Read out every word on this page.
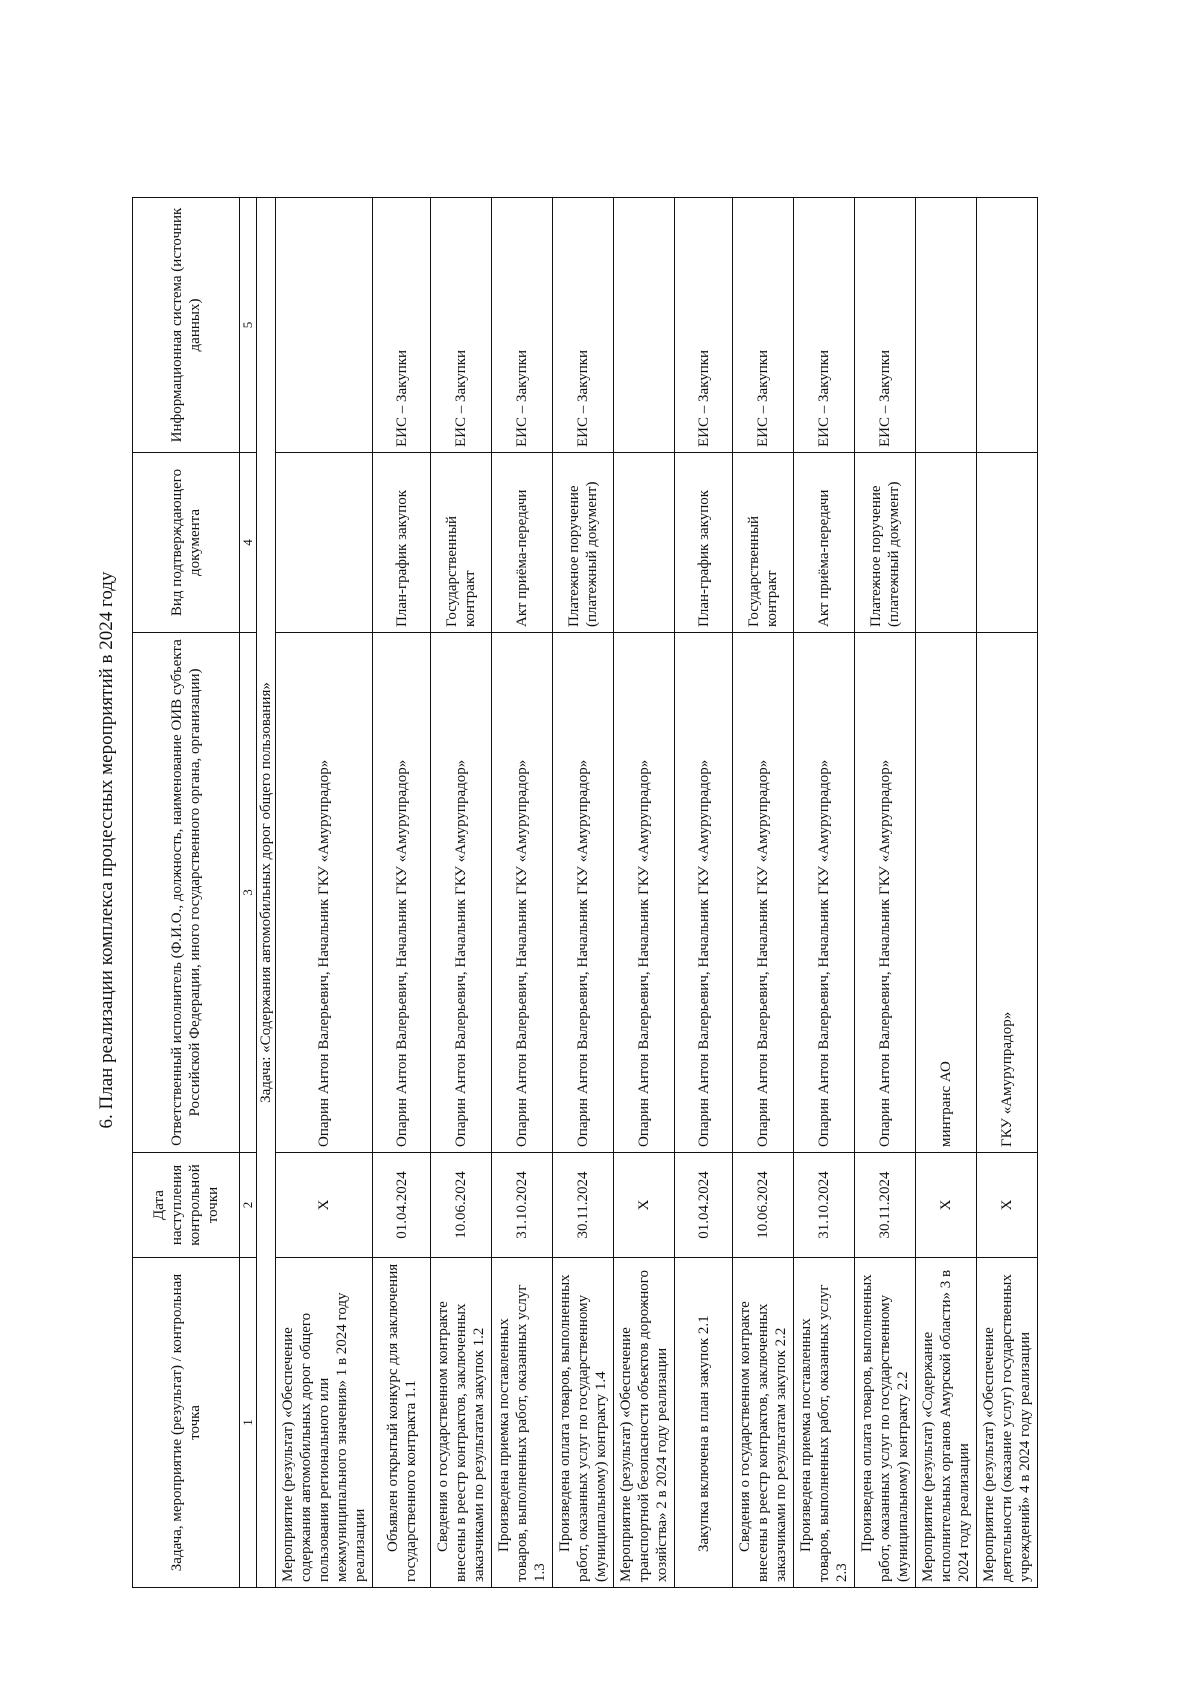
6. План реализации комплекса процессных мероприятий в 2024 году
Задача, мероприятие (результат) / контрольная точка	Дата наступления контрольной точки	Ответственный исполнитель (Ф.И.О., должность, наименование ОИВ субъекта Российской Федерации, иного государственного органа, организации)	Вид подтверждающего документа	Информационная система (источник данных)
1	2	3	4	5
Задача: «Содержания автомобильных дорог общего пользования»				
Мероприятие (результат) «Обеспечение содержания автомобильных дорог общего пользования регионального или межмуниципального значения» 1 в 2024 году реализации	X	Опарин Антон Валерьевич, Начальник ГКУ «Амурупрадор»		
Объявлен открытый конкурс для заключения государственного контракта 1.1	01.04.2024	Опарин Антон Валерьевич, Начальник ГКУ «Амурупрадор»	План-график закупок	ЕИС – Закупки
Сведения о государственном контракте внесены в реестр контрактов, заключенных заказчиками по результатам закупок 1.2	10.06.2024	Опарин Антон Валерьевич, Начальник ГКУ «Амурупрадор»	Государственный контракт	ЕИС – Закупки
Произведена приемка поставленных товаров, выполненных работ, оказанных услуг 1.3	31.10.2024	Опарин Антон Валерьевич, Начальник ГКУ «Амурупрадор»	Акт приёма-передачи	ЕИС – Закупки
Произведена оплата товаров, выполненных работ, оказанных услуг по государственному (муниципальному) контракту 1.4	30.11.2024	Опарин Антон Валерьевич, Начальник ГКУ «Амурупрадор»	Платежное поручение (платежный документ)	ЕИС – Закупки
Мероприятие (результат) «Обеспечение транспортной безопасности объектов дорожного хозяйства» 2 в 2024 году реализации	X	Опарин Антон Валерьевич, Начальник ГКУ «Амурупрадор»		
Закупка включена в план закупок 2.1	01.04.2024	Опарин Антон Валерьевич, Начальник ГКУ «Амурупрадор»	План-график закупок	ЕИС – Закупки
Сведения о государственном контракте внесены в реестр контрактов, заключенных заказчиками по результатам закупок 2.2	10.06.2024	Опарин Антон Валерьевич, Начальник ГКУ «Амурупрадор»	Государственный контракт	ЕИС – Закупки
Произведена приемка поставленных товаров, выполненных работ, оказанных услуг 2.3	31.10.2024	Опарин Антон Валерьевич, Начальник ГКУ «Амурупрадор»	Акт приёма-передачи	ЕИС – Закупки
Произведена оплата товаров, выполненных работ, оказанных услуг по государственному (муниципальному) контракту 2.2	30.11.2024	Опарин Антон Валерьевич, Начальник ГКУ «Амурупрадор»	Платежное поручение (платежный документ)	ЕИС – Закупки
Мероприятие (результат) «Содержание исполнительных органов Амурской области» 3 в 2024 году реализации	X	минтранс АО		
Мероприятие (результат) «Обеспечение деятельности (оказание услуг) государственных учреждений» 4 в 2024 году реализации	X	ГКУ «Амурупрадор»		
